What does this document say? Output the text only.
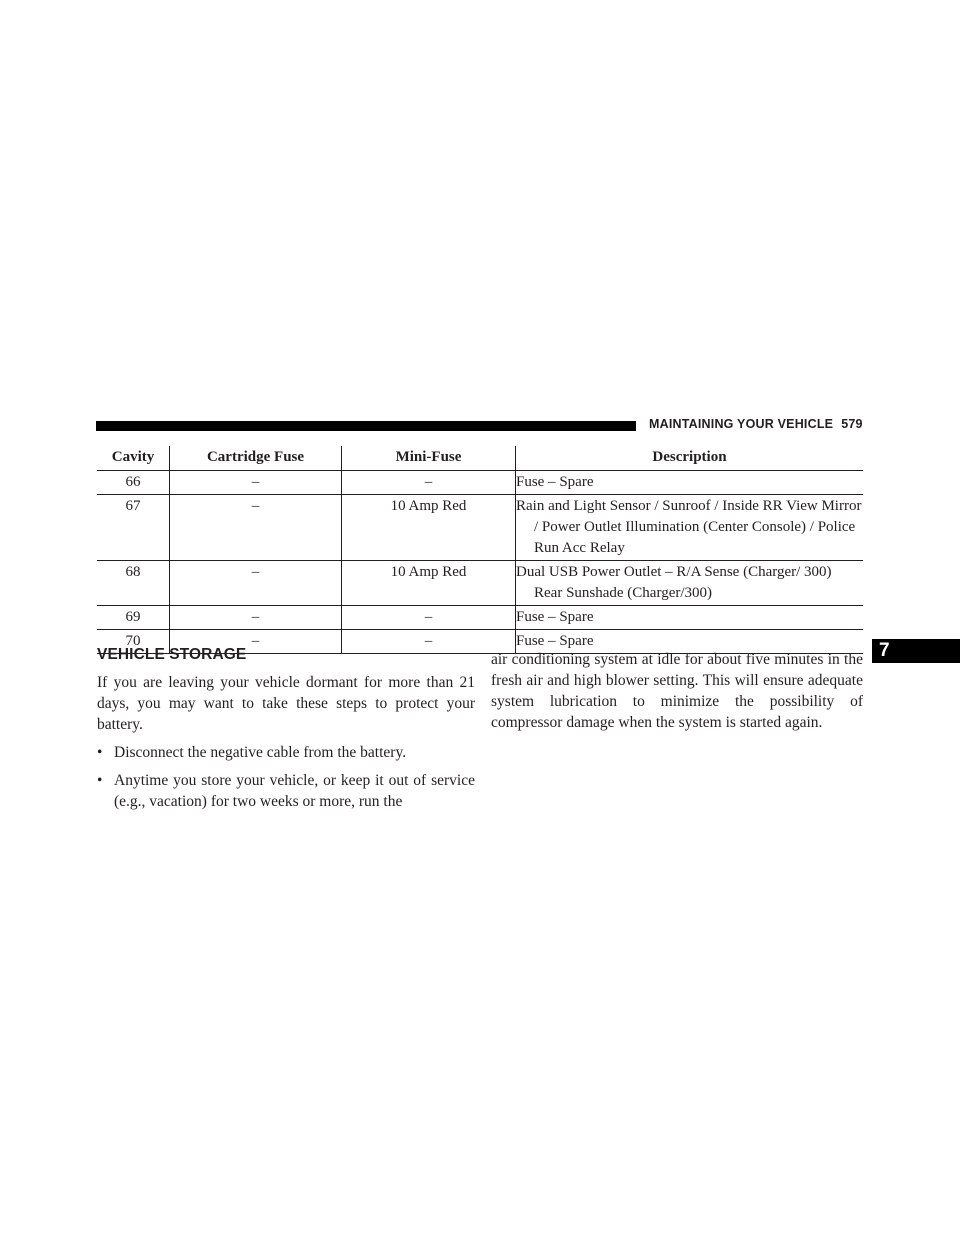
MAINTAINING YOUR VEHICLE 579
7
Cavity	Cartridge Fuse	Mini-Fuse	Description
66	–	–	Fuse – Spare

67	–	10 Amp Red	Rain and Light Sensor / Sunroof / Inside RR View Mirror / Power Outlet Illumination (Center Console) / Police Run Acc Relay

68	–	10 Amp Red	Dual USB Power Outlet – R/A Sense (Charger/ 300) Rear Sunshade (Charger/300)

69	–	–	Fuse – Spare

70	–	–	Fuse – Spare
VEHICLE STORAGE

If you are leaving your vehicle dormant for more than 21 days, you may want to take these steps to protect your battery.

• Disconnect the negative cable from the battery.
• Anytime you store your vehicle, or keep it out of service (e.g., vacation) for two weeks or more, run the

air conditioning system at idle for about five minutes in the fresh air and high blower setting. This will ensure adequate system lubrication to minimize the possibility of compressor damage when the system is started again.
